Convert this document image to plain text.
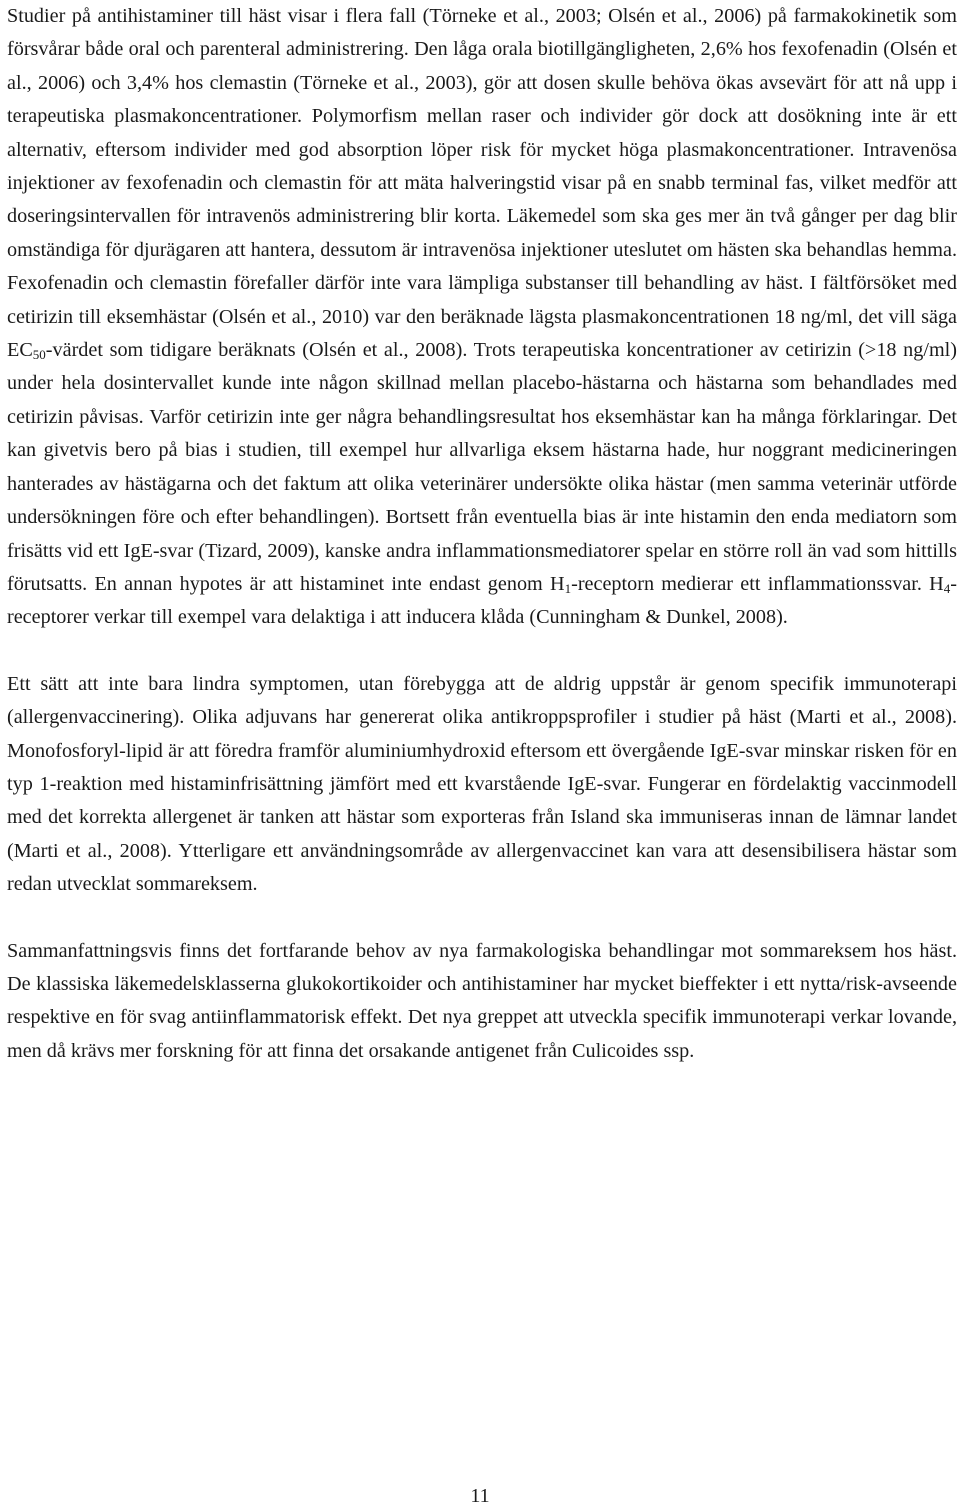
Studier på antihistaminer till häst visar i flera fall (Törneke et al., 2003; Olsén et al., 2006) på farmakokinetik som försvårar både oral och parenteral administrering. Den låga orala biotillgängligheten, 2,6% hos fexofenadin (Olsén et al., 2006) och 3,4% hos clemastin (Törneke et al., 2003), gör att dosen skulle behöva ökas avsevärt för att nå upp i terapeutiska plasmakoncentrationer. Polymorfism mellan raser och individer gör dock att dosökning inte är ett alternativ, eftersom individer med god absorption löper risk för mycket höga plasmakoncentrationer. Intravenösa injektioner av fexofenadin och clemastin för att mäta halveringstid visar på en snabb terminal fas, vilket medför att doseringsintervallen för intravenös administrering blir korta. Läkemedel som ska ges mer än två gånger per dag blir omständiga för djurägaren att hantera, dessutom är intravenösa injektioner uteslutet om hästen ska behandlas hemma. Fexofenadin och clemastin förefaller därför inte vara lämpliga substanser till behandling av häst. I fältförsöket med cetirizin till eksemhästar (Olsén et al., 2010) var den beräknade lägsta plasmakoncentrationen 18 ng/ml, det vill säga $EC_{50}$-värdet som tidigare beräknats (Olsén et al., 2008). Trots terapeutiska koncentrationer av cetirizin (>18 ng/ml) under hela dosintervallet kunde inte någon skillnad mellan placebo-hästarna och hästarna som behandlades med cetirizin påvisas. Varför cetirizin inte ger några behandlingsresultat hos eksemhästar kan ha många förklaringar. Det kan givetvis bero på bias i studien, till exempel hur allvarliga eksem hästarna hade, hur noggrant medicineringen hanterades av hästägarna och det faktum att olika veterinärer undersökte olika hästar (men samma veterinär utförde undersökningen före och efter behandlingen). Bortsett från eventuella bias är inte histamin den enda mediatorn som frisätts vid ett IgE-svar (Tizard, 2009), kanske andra inflammationsmediatorer spelar en större roll än vad som hittills förutsatts. En annan hypotes är att histaminet inte endast genom $H_1$-receptorn medierar ett inflammationssvar. $H_4$-receptorer verkar till exempel vara delaktiga i att inducera klåda (Cunningham & Dunkel, 2008).

Ett sätt att inte bara lindra symptomen, utan förebygga att de aldrig uppstår är genom specifik immunoterapi (allergenvaccinering). Olika adjuvans har genererat olika antikroppsprofiler i studier på häst (Marti et al., 2008). Monofosforyl-lipid är att föredra framför aluminiumhydroxid eftersom ett övergående IgE-svar minskar risken för en typ 1-reaktion med histaminfrisättning jämfört med ett kvarstående IgE-svar. Fungerar en fördelaktig vaccinmodell med det korrekta allergenet är tanken att hästar som exporteras från Island ska immuniseras innan de lämnar landet (Marti et al., 2008). Ytterligare ett användningsområde av allergenvaccinet kan vara att desensibilisera hästar som redan utvecklat sommareksem.

Sammanfattningsvis finns det fortfarande behov av nya farmakologiska behandlingar mot sommareksem hos häst. De klassiska läkemedelsklasserna glukokortikoider och antihistaminer har mycket bieffekter i ett nytta/risk-avseende respektive en för svag antiinflammatorisk effekt. Det nya greppet att utveckla specifik immunoterapi verkar lovande, men då krävs mer forskning för att finna det orsakande antigenet från Culicoides ssp.

11
